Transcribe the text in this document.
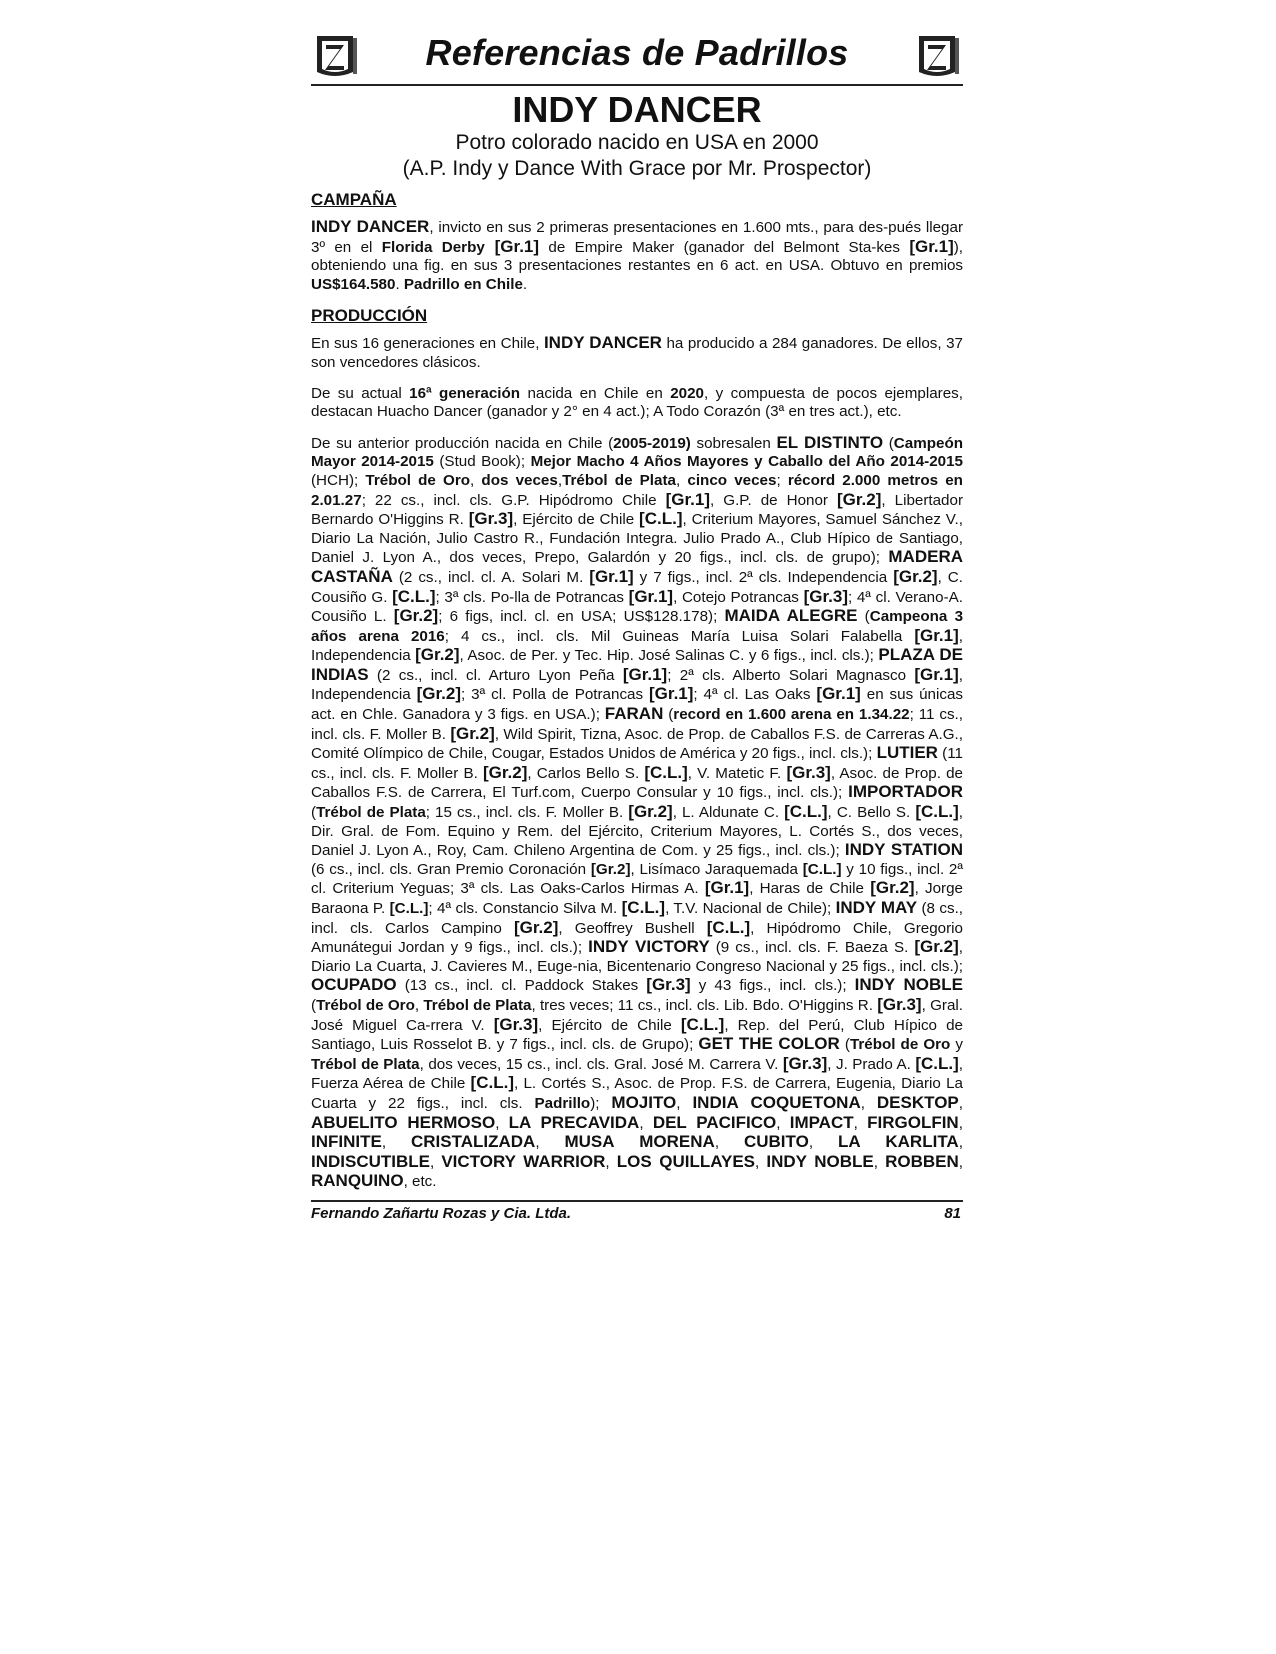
Referencias de Padrillos
INDY DANCER
Potro colorado nacido en USA en 2000
(A.P. Indy y Dance With Grace por Mr. Prospector)
CAMPAÑA

INDY DANCER, invicto en sus 2 primeras presentaciones en 1.600 mts., para des-pués llegar 3º en el Florida Derby [Gr.1] de Empire Maker (ganador del Belmont Sta-kes [Gr.1]), obteniendo una fig. en sus 3 presentaciones restantes en 6 act. en USA. Obtuvo en premios US$164.580. Padrillo en Chile.

PRODUCCIÓN

En sus 16 generaciones en Chile, INDY DANCER ha producido a 284 ganadores. De ellos, 37 son vencedores clásicos.

De su actual 16ª generación nacida en Chile en 2020, y compuesta de pocos ejemplares, destacan Huacho Dancer (ganador y 2° en 4 act.); A Todo Corazón (3ª en tres act.), etc.

De su anterior producción nacida en Chile (2005-2019) sobresalen EL DISTINTO (Campeón Mayor 2014-2015 (Stud Book); Mejor Macho 4 Años Mayores y Caballo del Año 2014-2015 (HCH); Trébol de Oro, dos veces,Trébol de Plata, cinco veces; récord 2.000 metros en 2.01.27; 22 cs., incl. cls. G.P. Hipódromo Chile [Gr.1], G.P. de Honor [Gr.2], Libertador Bernardo O'Higgins R. [Gr.3], Ejército de Chile [C.L.], Criterium Mayores, Samuel Sánchez V., Diario La Nación, Julio Castro R., Fundación Integra. Julio Prado A., Club Hípico de Santiago, Daniel J. Lyon A., dos veces, Prepo, Galardón y 20 figs., incl. cls. de grupo); MADERA CASTAÑA (2 cs., incl. cl. A. Solari M. [Gr.1] y 7 figs., incl. 2ª cls. Independencia [Gr.2], C. Cousiño G. [C.L.]; 3ª cls. Po-lla de Potrancas [Gr.1], Cotejo Potrancas [Gr.3]; 4ª cl. Verano-A. Cousiño L. [Gr.2]; 6 figs, incl. cl. en USA; US$128.178); MAIDA ALEGRE (Campeona 3 años arena 2016; 4 cs., incl. cls. Mil Guineas María Luisa Solari Falabella [Gr.1], Independencia [Gr.2], Asoc. de Per. y Tec. Hip. José Salinas C. y 6 figs., incl. cls.); PLAZA DE INDIAS (2 cs., incl. cl. Arturo Lyon Peña [Gr.1]; 2ª cls. Alberto Solari Magnasco [Gr.1], Independencia [Gr.2]; 3ª cl. Polla de Potrancas [Gr.1]; 4ª cl. Las Oaks [Gr.1] en sus únicas act. en Chle. Ganadora y 3 figs. en USA.); FARAN (record en 1.600 arena en 1.34.22; 11 cs., incl. cls. F. Moller B. [Gr.2], Wild Spirit, Tizna, Asoc. de Prop. de Caballos F.S. de Carreras A.G., Comité Olímpico de Chile, Cougar, Estados Unidos de América y 20 figs., incl. cls.); LUTIER (11 cs., incl. cls. F. Moller B. [Gr.2], Carlos Bello S. [C.L.], V. Matetic F. [Gr.3], Asoc. de Prop. de Caballos F.S. de Carrera, El Turf.com, Cuerpo Consular y 10 figs., incl. cls.); IMPORTADOR (Trébol de Plata; 15 cs., incl. cls. F. Moller B. [Gr.2], L. Aldunate C. [C.L.], C. Bello S. [C.L.], Dir. Gral. de Fom. Equino y Rem. del Ejército, Criterium Mayores, L. Cortés S., dos veces, Daniel J. Lyon A., Roy, Cam. Chileno Argentina de Com. y 25 figs., incl. cls.); INDY STATION (6 cs., incl. cls. Gran Premio Coronación [Gr.2], Lisímaco Jaraquemada [C.L.] y 10 figs., incl. 2ª cl. Criterium Yeguas; 3ª cls. Las Oaks-Carlos Hirmas A. [Gr.1], Haras de Chile [Gr.2], Jorge Baraona P. [C.L.]; 4ª cls. Constancio Silva M. [C.L.], T.V. Nacional de Chile); INDY MAY (8 cs., incl. cls. Carlos Campino [Gr.2], Geoffrey Bushell [C.L.], Hipódromo Chile, Gregorio Amunátegui Jordan y 9 figs., incl. cls.); INDY VICTORY (9 cs., incl. cls. F. Baeza S. [Gr.2], Diario La Cuarta, J. Cavieres M., Euge-nia, Bicentenario Congreso Nacional y 25 figs., incl. cls.); OCUPADO (13 cs., incl. cl. Paddock Stakes [Gr.3] y 43 figs., incl. cls.); INDY NOBLE (Trébol de Oro, Trébol de Plata, tres veces; 11 cs., incl. cls. Lib. Bdo. O'Higgins R. [Gr.3], Gral. José Miguel Ca-rrera V. [Gr.3], Ejército de Chile [C.L.], Rep. del Perú, Club Hípico de Santiago, Luis Rosselot B. y 7 figs., incl. cls. de Grupo); GET THE COLOR (Trébol de Oro y Trébol de Plata, dos veces, 15 cs., incl. cls. Gral. José M. Carrera V. [Gr.3], J. Prado A. [C.L.], Fuerza Aérea de Chile [C.L.], L. Cortés S., Asoc. de Prop. F.S. de Carrera, Eugenia, Diario La Cuarta y 22 figs., incl. cls. Padrillo); MOJITO, INDIA COQUETONA, DESKTOP, ABUELITO HERMOSO, LA PRECAVIDA, DEL PACIFICO, IMPACT, FIRGOLFIN, INFINITE, CRISTALIZADA, MUSA MORENA, CUBITO, LA KARLITA, INDISCUTIBLE, VICTORY WARRIOR, LOS QUILLAYES, INDY NOBLE, ROBBEN, RANQUINO, etc.

Fernando Zañartu Rozas y Cia. Ltda.	81
